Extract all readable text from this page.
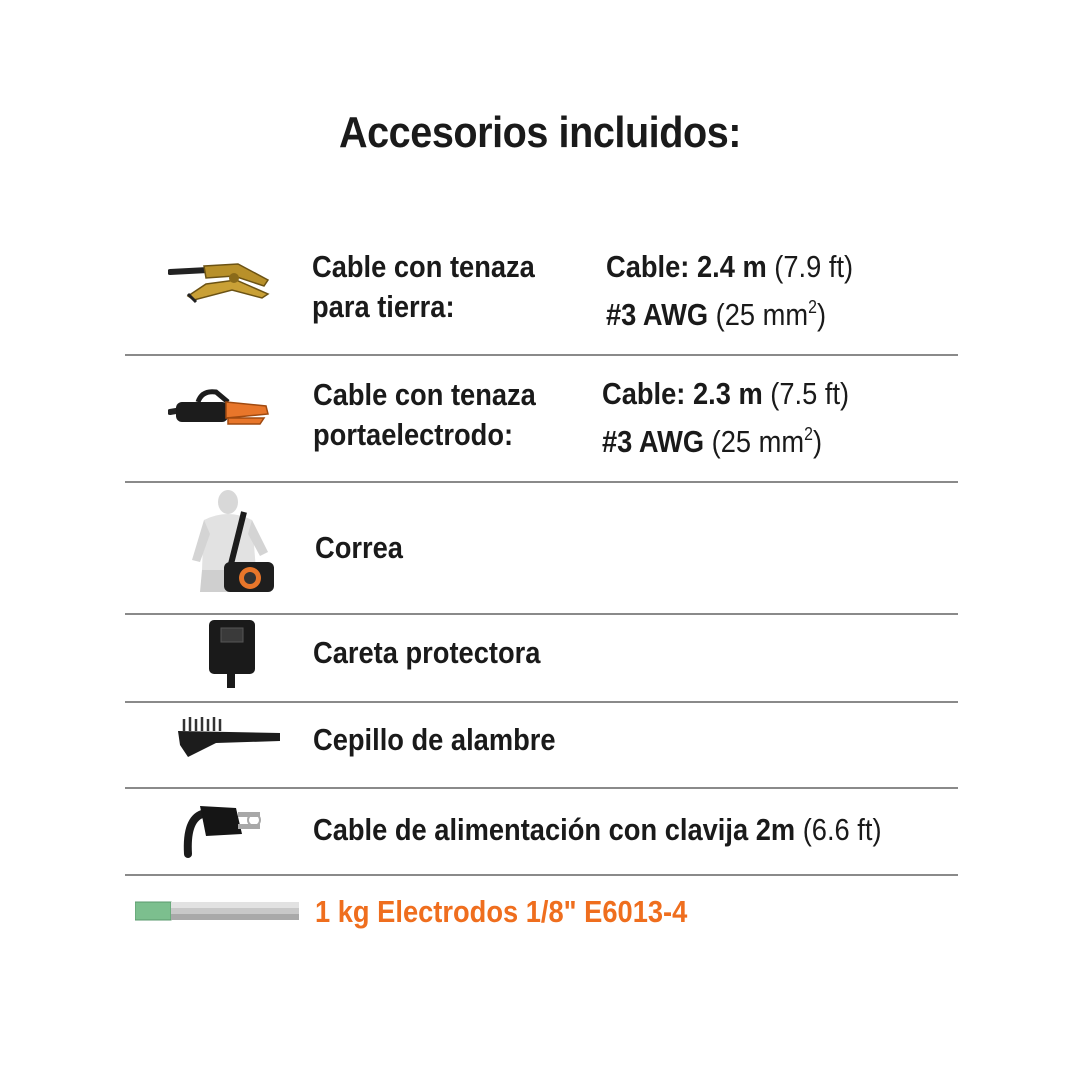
Accesorios incluidos:
Cable con tenaza
para tierra:
Cable: 2.4 m (7.9 ft)
#3 AWG (25 $mm^2$)
Cable con tenaza
portaelectrodo:
Cable: 2.3 m (7.5 ft)
#3 AWG (25 $mm^2$)
Correa
Careta protectora
Cepillo de alambre
Cable de alimentación con clavija 2m (6.6 ft)
1 kg Electrodos 1/8" E6013-4
